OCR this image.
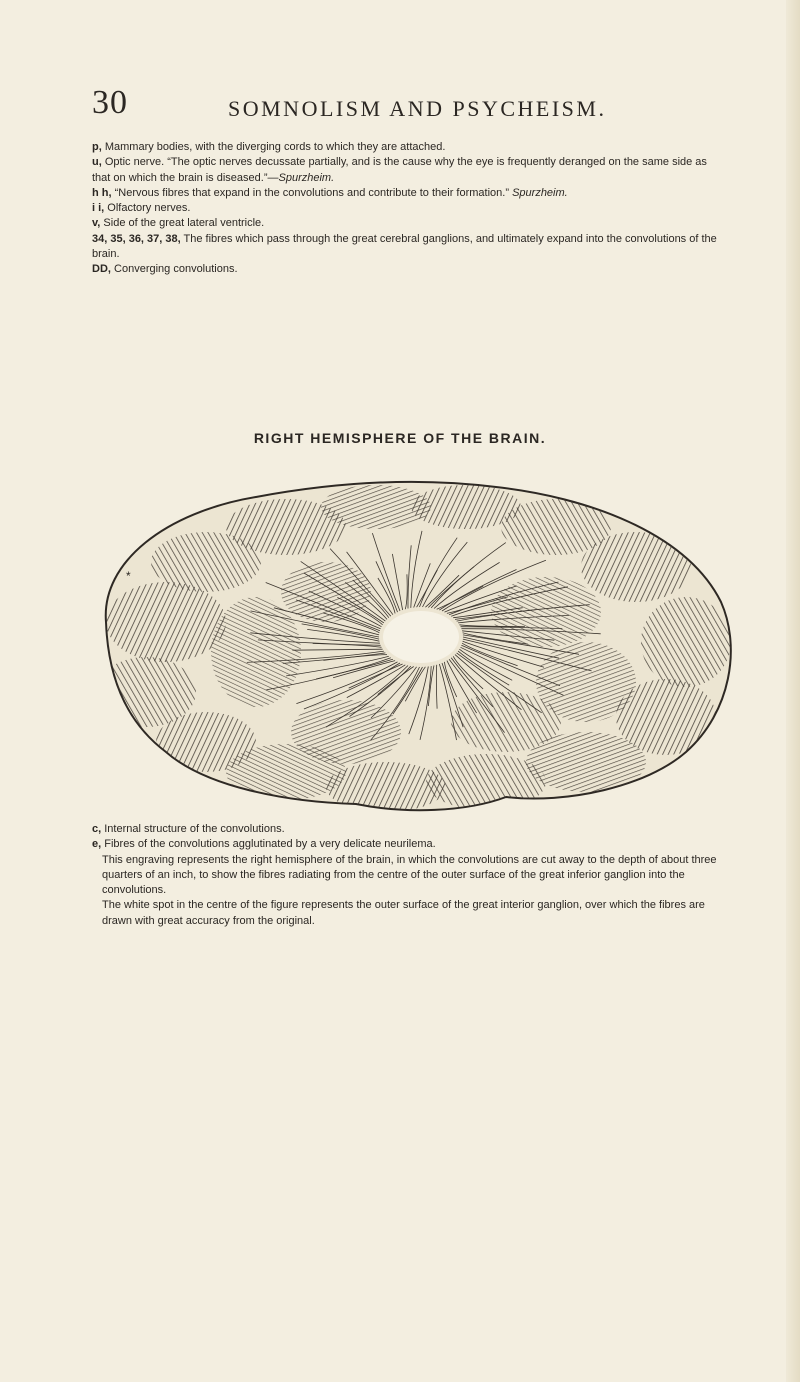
30	SOMNOLISM AND PSYCHEISM.

p, Mammary bodies, with the diverging cords to which they are attached.

u, Optic nerve. “The optic nerves decussate partially, and is the cause why the eye is frequently deranged on the same side as that on which the brain is diseased.”—Spurzheim.

h h, “Nervous fibres that expand in the convolutions and contribute to their formation.” Spurzheim.

i i, Olfactory nerves.

v, Side of the great lateral ventricle.

34, 35, 36, 37, 38, The fibres which pass through the great cerebral ganglions, and ultimately expand into the convolutions of the brain.

DD, Converging convolutions.

RIGHT HEMISPHERE OF THE BRAIN.
*

c, Internal structure of the convolutions.

e, Fibres of the convolutions agglutinated by a very delicate neurilema.

This engraving represents the right hemisphere of the brain, in which the convolutions are cut away to the depth of about three quarters of an inch, to show the fibres radiating from the centre of the outer surface of the great inferior ganglion into the convolutions.

The white spot in the centre of the figure represents the outer surface of the great interior ganglion, over which the fibres are drawn with great accuracy from the original.
